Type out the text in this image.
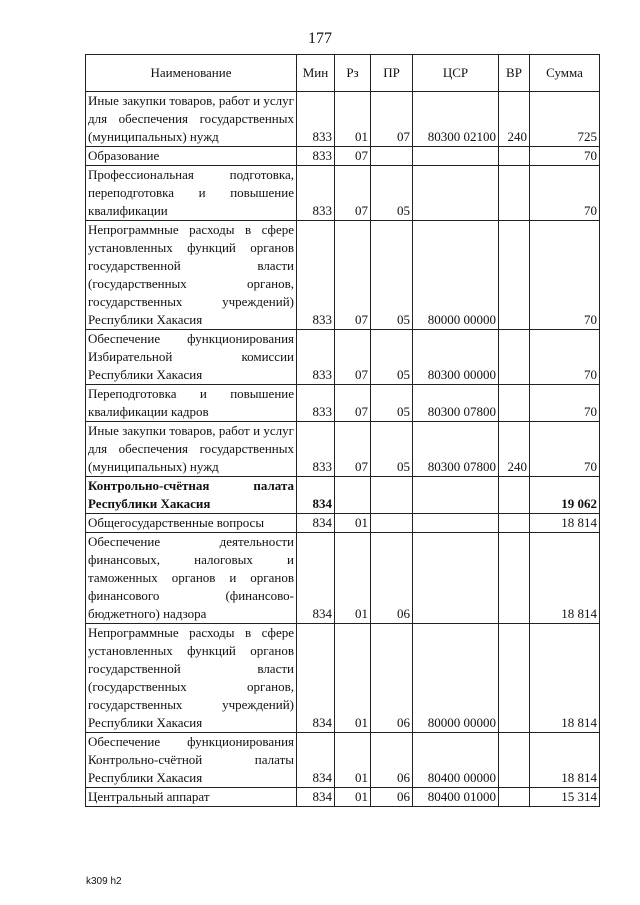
177
Наименование	Мин	Рз	ПР	ЦСР	ВР	Сумма
Иные закупки товаров, работ и услуг для обеспечения государственных (муниципальных) нужд	833	01	07	80300 02100	240	725
Образование	833	07				70
Профессиональная подготовка, переподготовка и повышение квалификации	833	07	05			70
Непрограммные расходы в сфере установленных функций органов государственной власти (государственных органов, государственных учреждений) Республики Хакасия	833	07	05	80000 00000		70
Обеспечение функционирования Избирательной комиссии Республики Хакасия	833	07	05	80300 00000		70
Переподготовка и повышение квалификации кадров	833	07	05	80300 07800		70
Иные закупки товаров, работ и услуг для обеспечения государственных (муниципальных) нужд	833	07	05	80300 07800	240	70
Контрольно-счётная палата Республики Хакасия	834					19 062
Общегосударственные вопросы	834	01				18 814
Обеспечение деятельности финансовых, налоговых и таможенных органов и органов финансового (финансово-бюджетного) надзора	834	01	06			18 814
Непрограммные расходы в сфере установленных функций органов государственной власти (государственных органов, государственных учреждений) Республики Хакасия	834	01	06	80000 00000		18 814
Обеспечение функционирования Контрольно-счётной палаты Республики Хакасия	834	01	06	80400 00000		18 814
Центральный аппарат	834	01	06	80400 01000		15 314
k309 h2
